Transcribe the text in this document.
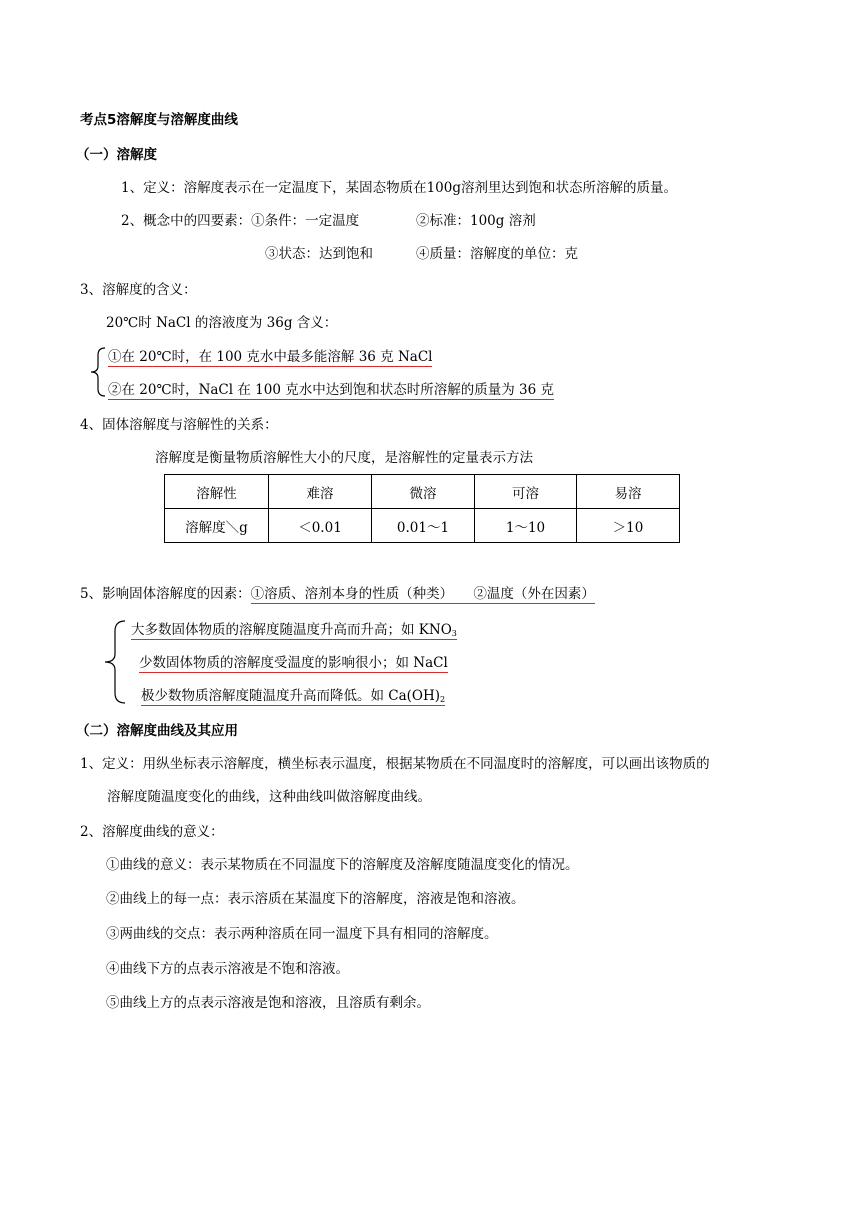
考点5溶解度与溶解度曲线
（一）溶解度
1、定义：溶解度表示在一定温度下，某固态物质在100g溶剂里达到饱和状态所溶解的质量。
2、概念中的四要素：①条件：一定温度	②标准：100g 溶剂
③状态：达到饱和	④质量：溶解度的单位：克
3、溶解度的含义：
20℃时 NaCl 的溶液度为 36g 含义：
①在 20℃时，在 100 克水中最多能溶解 36 克 NaCl
②在 20℃时，NaCl 在 100 克水中达到饱和状态时所溶解的质量为 36 克
4、固体溶解度与溶解性的关系：
溶解度是衡量物质溶解性大小的尺度，是溶解性的定量表示方法
溶解性	难溶	微溶	可溶	易溶
溶解度＼g	＜0.01	0.01～1	1～10	＞10
5、影响固体溶解度的因素：①溶质、溶剂本身的性质（种类）　　②温度（外在因素）
大多数固体物质的溶解度随温度升高而升高；如 $KNO_3$
少数固体物质的溶解度受温度的影响很小；如 NaCl
极少数物质溶解度随温度升高而降低。如 $Ca(OH)_2$
（二）溶解度曲线及其应用
1、定义：用纵坐标表示溶解度，横坐标表示温度，根据某物质在不同温度时的溶解度，可以画出该物质的
溶解度随温度变化的曲线，这种曲线叫做溶解度曲线。
2、溶解度曲线的意义：
①曲线的意义：表示某物质在不同温度下的溶解度及溶解度随温度变化的情况。
②曲线上的每一点：表示溶质在某温度下的溶解度，溶液是饱和溶液。
③两曲线的交点：表示两种溶质在同一温度下具有相同的溶解度。
④曲线下方的点表示溶液是不饱和溶液。
⑤曲线上方的点表示溶液是饱和溶液，且溶质有剩余。
